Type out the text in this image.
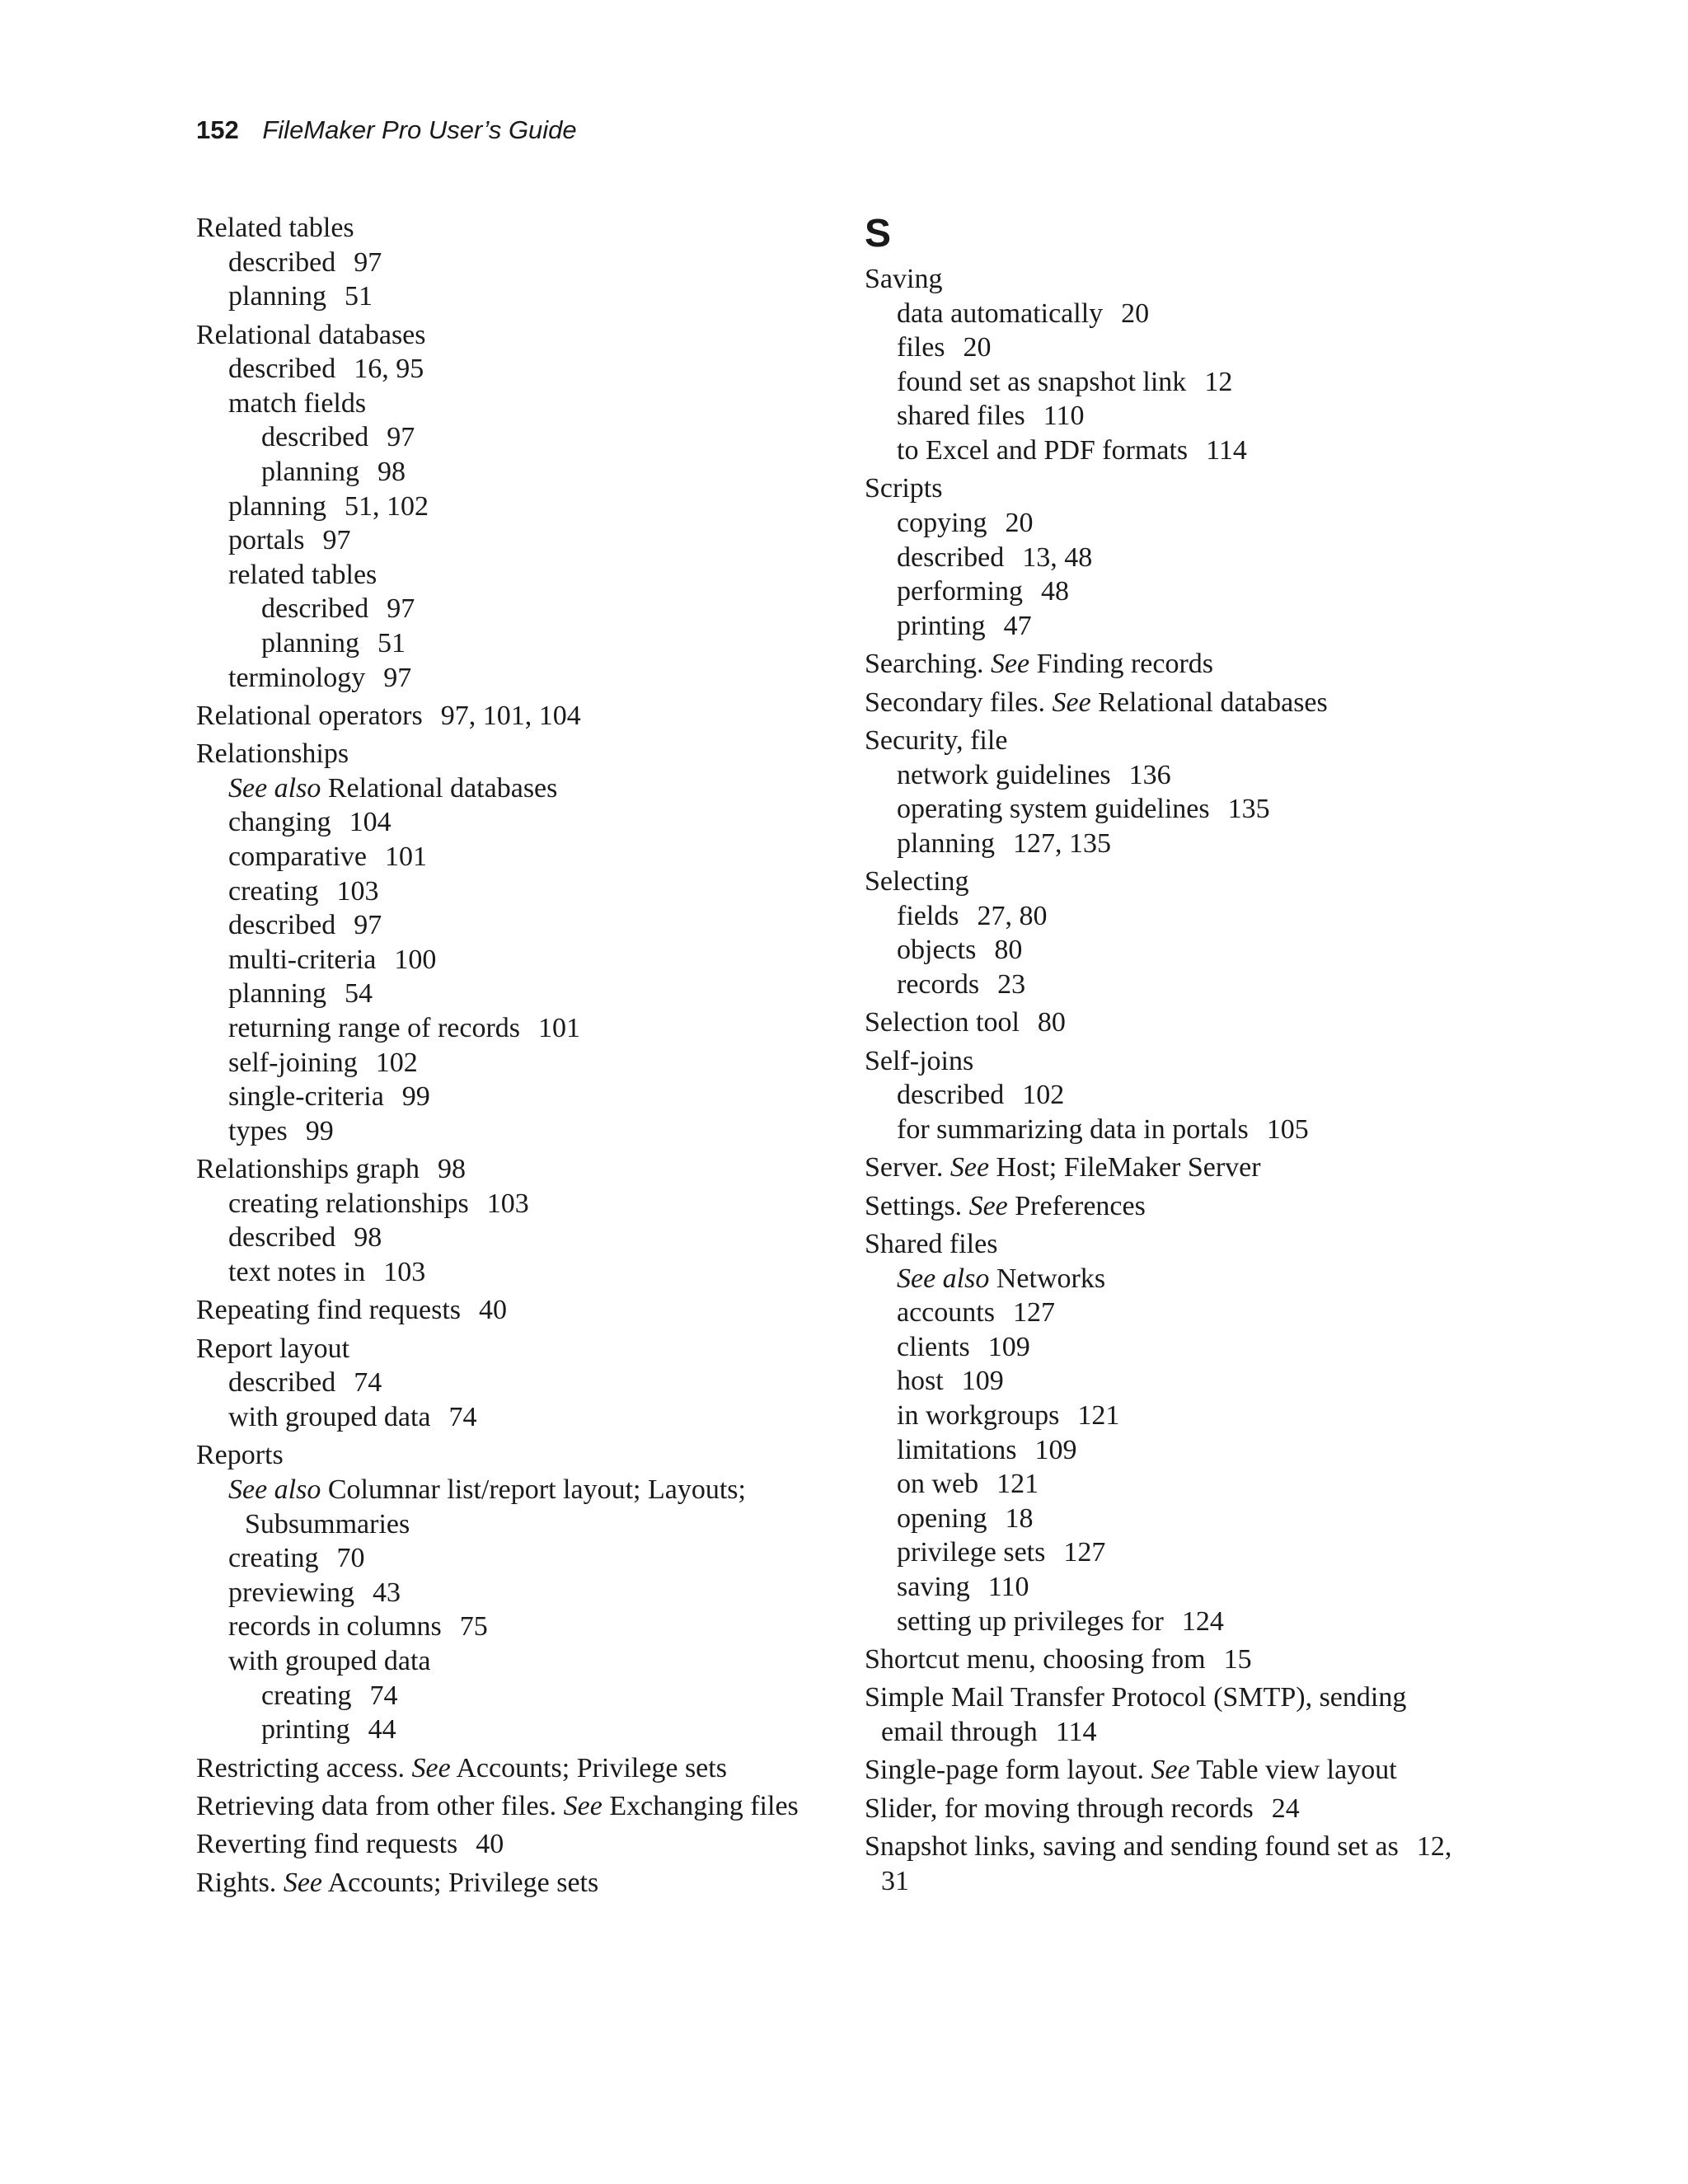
152 FileMaker Pro User’s Guide
Related tables
described 97
planning 51
Relational databases
described 16, 95
match fields
described 97
planning 98
planning 51, 102
portals 97
related tables
described 97
planning 51
terminology 97
Relational operators 97, 101, 104
Relationships
See also Relational databases
changing 104
comparative 101
creating 103
described 97
multi-criteria 100
planning 54
returning range of records 101
self-joining 102
single-criteria 99
types 99
Relationships graph 98
creating relationships 103
described 98
text notes in 103
Repeating find requests 40
Report layout
described 74
with grouped data 74
Reports
See also Columnar list/report layout; Layouts;
Subsummaries
creating 70
previewing 43
records in columns 75
with grouped data
creating 74
printing 44
Restricting access. See Accounts; Privilege sets
Retrieving data from other files. See Exchanging files
Reverting find requests 40
Rights. See Accounts; Privilege sets
S
Saving
data automatically 20
files 20
found set as snapshot link 12
shared files 110
to Excel and PDF formats 114
Scripts
copying 20
described 13, 48
performing 48
printing 47
Searching. See Finding records
Secondary files. See Relational databases
Security, file
network guidelines 136
operating system guidelines 135
planning 127, 135
Selecting
fields 27, 80
objects 80
records 23
Selection tool 80
Self-joins
described 102
for summarizing data in portals 105
Server. See Host; FileMaker Server
Settings. See Preferences
Shared files
See also Networks
accounts 127
clients 109
host 109
in workgroups 121
limitations 109
on web 121
opening 18
privilege sets 127
saving 110
setting up privileges for 124
Shortcut menu, choosing from 15
Simple Mail Transfer Protocol (SMTP), sending
email through 114
Single-page form layout. See Table view layout
Slider, for moving through records 24
Snapshot links, saving and sending found set as 12,
31
